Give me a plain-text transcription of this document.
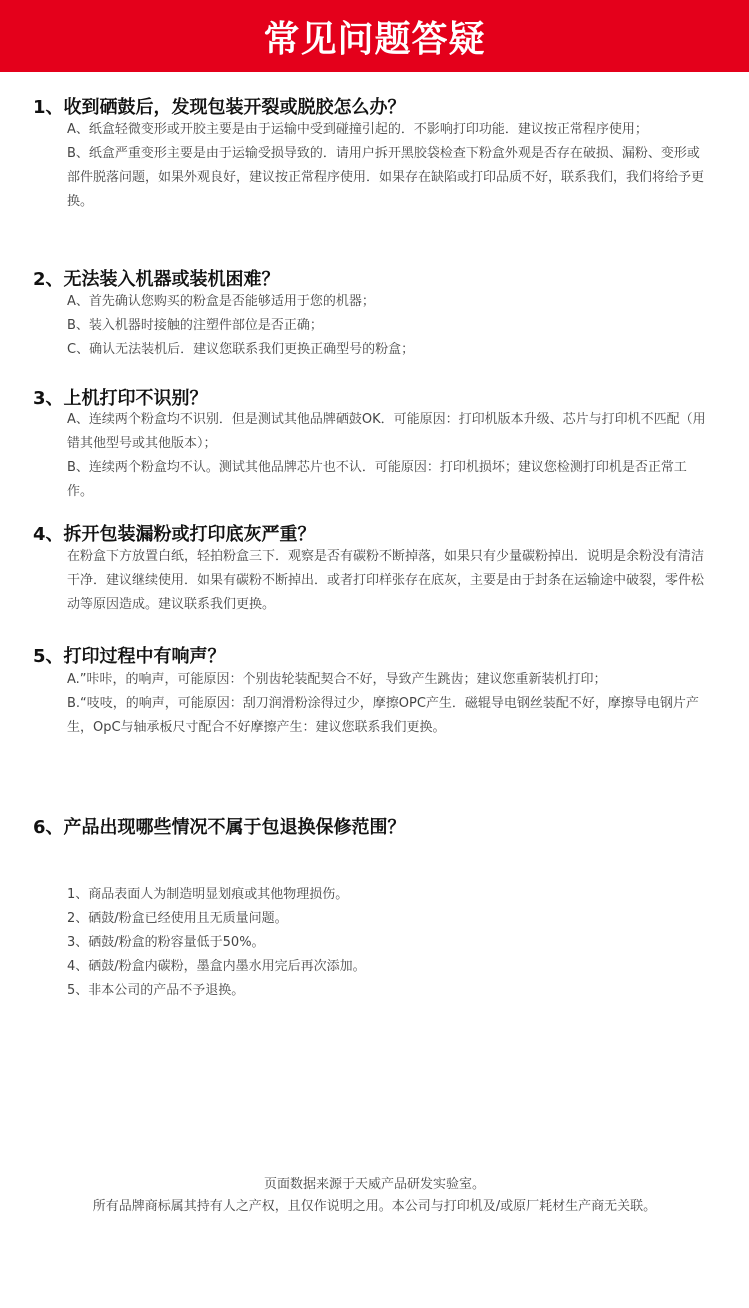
常见问题答疑
1、收到硒鼓后，发现包装开裂或脱胶怎么办？

A、纸盒轻微变形或开胶主要是由于运输中受到碰撞引起的．不影响打印功能．建议按正常程序使用；

B、纸盒严重变形主要是由于运输受损导致的．请用户拆开黑胶袋检查下粉盒外观是否存在破损、漏粉、变形或部件脱落问题，如果外观良好，建议按正常程序使用．如果存在缺陷或打印品质不好，联系我们，我们将给予更换。

2、无法装入机器或装机困难？

A、首先确认您购买的粉盒是否能够适用于您的机器；

B、装入机器时接触的注塑件部位是否正确；

C、确认无法装机后．建议您联系我们更换正确型号的粉盒；

3、上机打印不识别？

A、连续两个粉盒均不识别．但是测试其他品牌硒鼓OK．可能原因：打印机版本升级、芯片与打印机不匹配（用错其他型号或其他版本）；

B、连续两个粉盒均不认。测试其他品牌芯片也不认．可能原因：打印机损坏；建议您检测打印机是否正常工作。

4、拆开包装漏粉或打印底灰严重？

在粉盒下方放置白纸，轻拍粉盒三下．观察是否有碳粉不断掉落，如果只有少量碳粉掉出．说明是余粉没有清洁干净．建议继续使用．如果有碳粉不断掉出．或者打印样张存在底灰，主要是由于封条在运输途中破裂，零件松动等原因造成。建议联系我们更换。

5、打印过程中有响声？

A.”咔咔，的响声，可能原因：个别齿轮装配契合不好，导致产生跳齿；建议您重新装机打印；

B.“吱吱，的响声，可能原因：刮刀润滑粉涂得过少，摩擦OPC产生．磁辊导电钢丝装配不好，摩擦导电钢片产生，OpC与轴承板尺寸配合不好摩擦产生：建议您联系我们更换。

6、产品出现哪些情况不属于包退换保修范围？

1、商品表面人为制造明显划痕或其他物理损伤。

2、硒鼓/粉盒已经使用且无质量问题。

3、硒鼓/粉盒的粉容量低于50%。

4、硒鼓/粉盒内碳粉，墨盒内墨水用完后再次添加。

5、非本公司的产品不予退换。

页面数据来源于天威产品研发实验室。

所有品牌商标属其持有人之产权，且仅作说明之用。本公司与打印机及/或原厂耗材生产商无关联。
